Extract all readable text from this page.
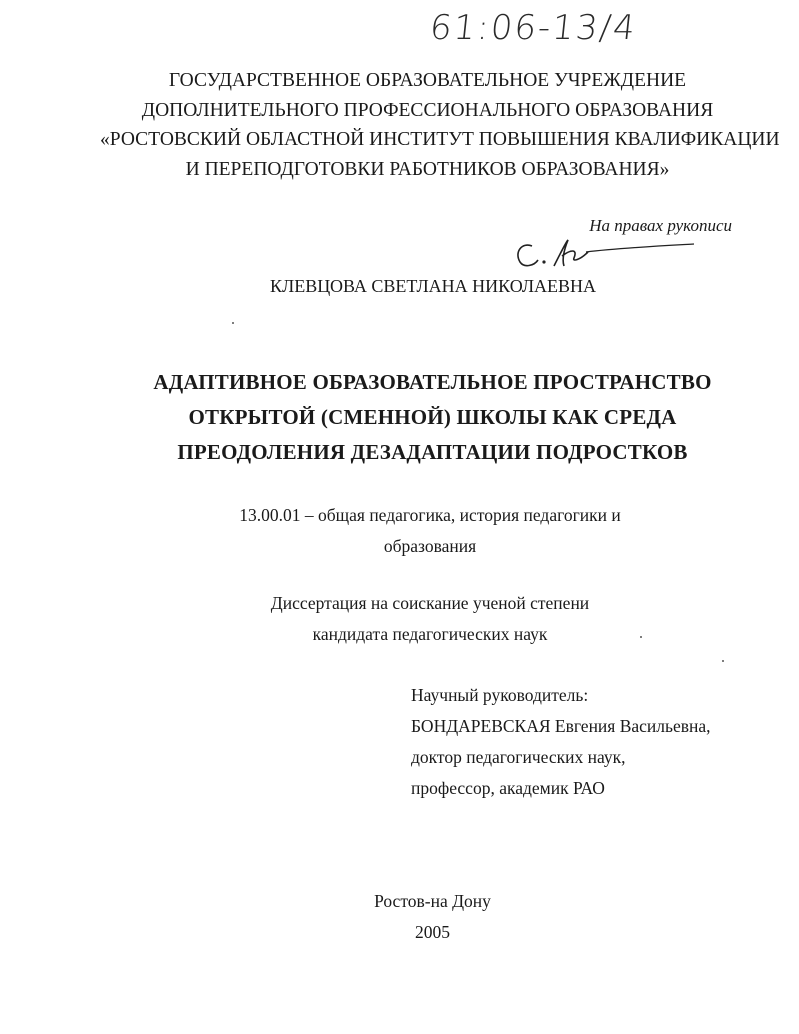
61:06-13/4
ГОСУДАРСТВЕННОЕ ОБРАЗОВАТЕЛЬНОЕ УЧРЕЖДЕНИЕ
ДОПОЛНИТЕЛЬНОГО ПРОФЕССИОНАЛЬНОГО ОБРАЗОВАНИЯ
«РОСТОВСКИЙ ОБЛАСТНОЙ ИНСТИТУТ ПОВЫШЕНИЯ КВАЛИФИКАЦИИ
И ПЕРЕПОДГОТОВКИ РАБОТНИКОВ ОБРАЗОВАНИЯ»
На правах рукописи
КЛЕВЦОВА СВЕТЛАНА НИКОЛАЕВНА
АДАПТИВНОЕ ОБРАЗОВАТЕЛЬНОЕ ПРОСТРАНСТВО
ОТКРЫТОЙ (СМЕННОЙ) ШКОЛЫ КАК СРЕДА
ПРЕОДОЛЕНИЯ ДЕЗАДАПТАЦИИ ПОДРОСТКОВ
13.00.01 – общая педагогика, история педагогики и
образования
Диссертация на соискание ученой степени
кандидата педагогических наук
Научный руководитель:
БОНДАРЕВСКАЯ Евгения Васильевна,
доктор педагогических наук,
профессор, академик РАО
Ростов-на Дону
2005
